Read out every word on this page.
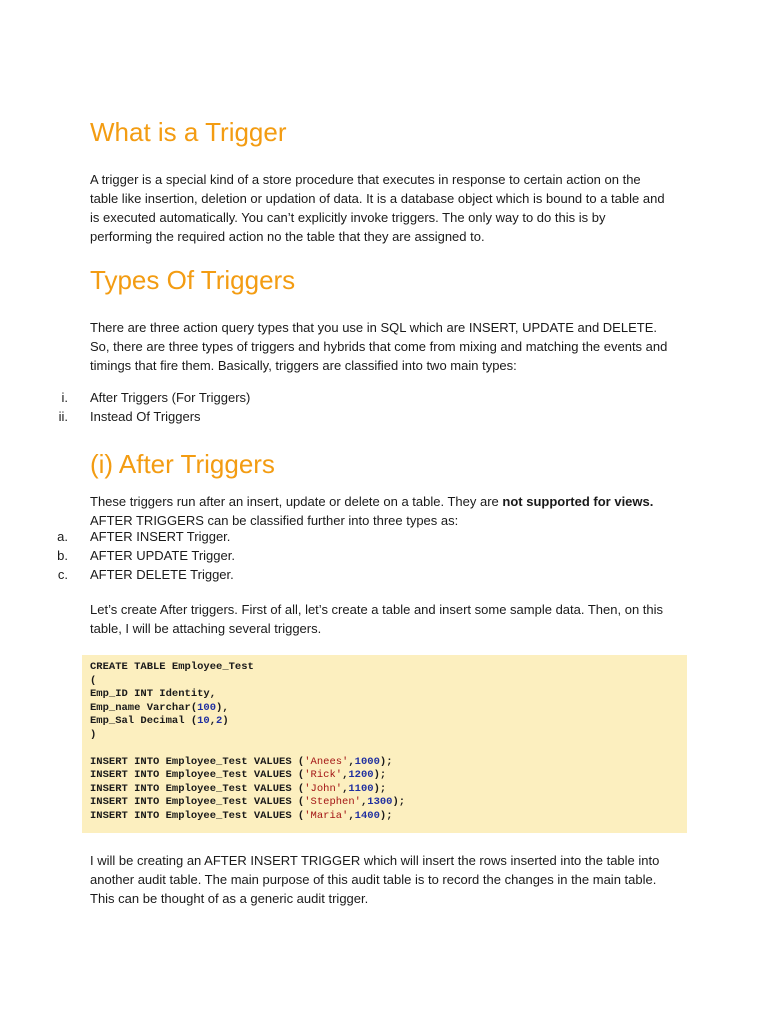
What is a Trigger

A trigger is a special kind of a store procedure that executes in response to certain action on the table like insertion, deletion or updation of data. It is a database object which is bound to a table and is executed automatically. You can’t explicitly invoke triggers. The only way to do this is by performing the required action no the table that they are assigned to.

Types Of Triggers

There are three action query types that you use in SQL which are INSERT, UPDATE and DELETE. So, there are three types of triggers and hybrids that come from mixing and matching the events and timings that fire them. Basically, triggers are classified into two main types:

i. After Triggers (For Triggers)
ii. Instead Of Triggers
(i) After Triggers

These triggers run after an insert, update or delete on a table. They are not supported for views.
AFTER TRIGGERS can be classified further into three types as:

a. AFTER INSERT Trigger.
b. AFTER UPDATE Trigger.
c. AFTER DELETE Trigger.

Let’s create After triggers. First of all, let’s create a table and insert some sample data. Then, on this table, I will be attaching several triggers.

CREATE TABLE Employee_Test
(
Emp_ID INT Identity,
Emp_name Varchar(100),
Emp_Sal Decimal (10,2)
)

INSERT INTO Employee_Test VALUES ('Anees',1000);
INSERT INTO Employee_Test VALUES ('Rick',1200);
INSERT INTO Employee_Test VALUES ('John',1100);
INSERT INTO Employee_Test VALUES ('Stephen',1300);
INSERT INTO Employee_Test VALUES ('Maria',1400);

I will be creating an AFTER INSERT TRIGGER which will insert the rows inserted into the table into another audit table. The main purpose of this audit table is to record the changes in the main table. This can be thought of as a generic audit trigger.
